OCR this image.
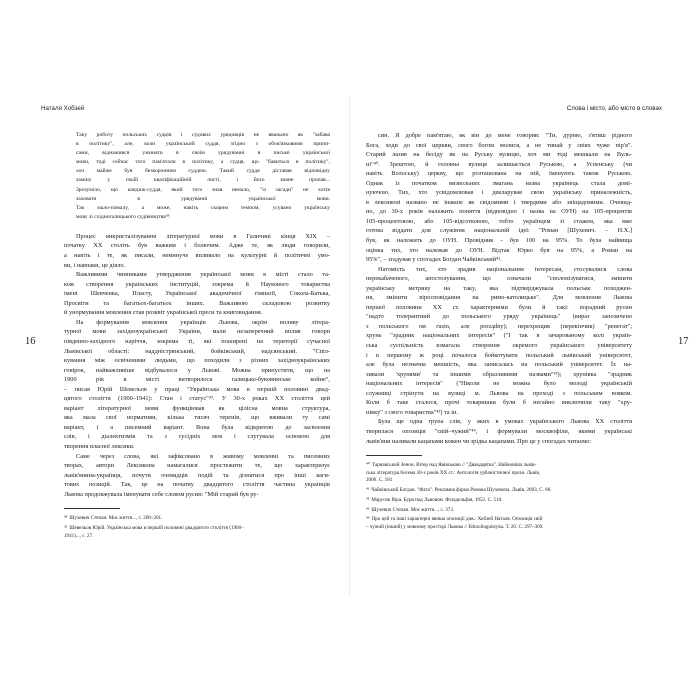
Наталя Хобзей
Таку роботу польських судців і судових урядовців не вважано як "забава
в політику", але, коли український суддя, згідно з обов'язковими припи-
сами, віднажився ужинати в своїм урядуванні в письмі української
мови, тоді сейчас того пам'ятали в політику, а судця, що "бавиться в політику",
хоч майже був безкоронним суддею. Такий суддя діставав відповідну
заміну у свойї кваліфікаційній листі, і його знане пропав...
Зрозуміло, що кандиж-суддя, який того знав немало, "із засади" не хотів
заховати в урядуванні української мови.
Так мало-помалу, а може, навіть скорим темпом, усувано українську
мову зі східногалицького судівництва³⁸.
Процес викристалізування літературної мови в Галичині кінця ХІХ –
початку ХХ століть був важким і болючим. Адже те, як люди говорили,
а навіть і те, як писали, неминуче впливало на культурні й політичні умо-
ви, і навпаки, це діяло.
Важливими чинниками утвердження української мови в місті стало та-
кож створення українських інституцій, зокрема й Наукового товариства
імені Шевченка, Пласту, Української академічної гімназії, Сокола-Батька,
Просвіти та багатьох-багатьох інших. Важливою складовою розвитку
й унормування мовлення став розквіт української преси та книговидання.
На формування мовлення українців Львова, окрім впливу літера-
турної мови західноукраїнської України, мали незаперечний вплив говори
південно-західного наріччя, зокрема ті, які поширені на території сучасної
Львівської області: наддністрянський, бойківський, надсянський. "Спіл-
кування між освіченими людьми, що походили з різних західноукраїнських
говірок, найважливіше відбувалося у Львові. Можна припустити, що на
1900 рік в місті витворилося галицько-буковинське койне",
– писав Юрій Шевельов у праці "Українська мова в першій половині двад-
цятого століття (1900–1941): Стан і статус"³⁹. У 30-х роках ХХ століття цей
варіант літературної мови функціював як цілісна мовна структура,
яка мала свої нормативи, кілька тисяч теренів, що вживали ту самі
варіант, і а писемний варіант. Вона була відкритою до засвоєння
слів, і діалектизмів та з сусідніх мов і слугувала основою для
творення власної лексики.
Саме через слова, які зафіксовано в живому мовленні та писемних
творах, автори Лексикона намагалися простежити те, що характеризує
львів'янина-українця, почути очевидців подій та дізнатися про інші ваги-
тових позицій. Так, це на початку двадцятого століття частина українців
Львова продовжувала іменувати себе словом русин: "Мій старий був ру-
³⁸ Шухевич Степан. Моє життя..., с. 200–201.
³⁹ Шевельов Юрій. Українська мова в першій половині двадцятого століття (1900–
1941)..., с. 27.
16
Слова і місто, або місто в словах
син. Я добре пам'ятаю, як він до мене говорив: "Ти, дурню, з'ятиш рідного
Бога, ходи до свої церкви, свого богом молися, а не тинай у свіях чуже пір'я".
Старий лазив на бесіду як на Руську вулицю, хоч ми тоді мешкали на Вуль-
ні"⁴⁰. Зрештою, й головна вулиця залишається Руською, а Успенську (чи
навіть Волоську) церкву, що розташована на ній, іменують також Руською.
Однак із початком визвольних змагань назва українець стала домі-
нуючою. Тих, хто усвідомлював і декларував свою українську приналежність,
в лексиконі названо не інакше як свідомими і твердими або звіщадомими. Очевид-
но, до 30-х років належить поняття (відповідно і назва на ОУН) на 105-процентів
105-процентовою, або 105-відсотковою, тобто українцем зі стажем, яка вже
готова віддати для служіння національній ідеї: "Роман [Шухевич. – Н.Х.]
був, як належить до ОУН. Провідник - був 100 на 95%. То була найвища
оцінка тих, хто належав до ОУН. Відтак Юрко був на 95%, а Роман на
95%", – згадував у спогадах Богдан Чайківський⁴¹.
Натомість тих, хто зрадив національним інтересам, стосувалися слова
перекабаченого, апостолування, що означали "сполонізуватися, змінити
українську метрику на таку, яка підтверджувала польське походжен-
ня, змінити віросповідання на римо-католицьке". Для мовлення Львова
першої половини ХХ ст. характерними були й такі: порадний русин
"надто толерантний до польського уряду українець" (вираз запозичено
з польського ом rusin, але porządny); перехрещик (перекінчик) "ренегат";
хрунь "зрадник національних інтересів" ("І так в зачарованому колі україн-
ська суспільність взмагала створення окремого українського університету
і в першому ж році почалося бойкотувати польський львівський університет,
але була незначна меншість, яка записалась на польський університет. Їх на-
зивали 'хрунями' та іншими образливими назвами"⁴²); хрунівка "зрадник
національних інтересів" ("Ніколи не можна було молоді українській
служниці стрінути на вулиці м. Львова на проході з польським вояком.
Коли б таке сталося, прочі товаришки були б негайно виключили таку "хру-
нівку" з свого товариства"⁴³) та ін.
Була ще одна група слів, у яких в умовах українського Львова ХХ століття
творилася опозиція "свій–чужий"⁴⁴, і формували москвофіли, якими українські
львів'яни називали кацапами кожен чи зрідка кацапами. Про це у спогадах читаємо:
⁴⁰ Тарнавський Зенон. Вітер над Явівською // "Двандцятка". Найновіша львів-
ська література богема 30-х років ХХ ст.: Антологія урбаністичної прози. Львів,
2006. С. 181
⁴¹ Чайківський Богдан. "Фата". Рекламна фірма Романа Шухевича. Львів, 2003, С. 86.
⁴² Марусяк Віра. Буря над Львовом. Філадельфія, 1952. С. 510.
⁴³ Шухевич Степан. Моє життя..., с. 373.
⁴⁴ Про цей та інші характерні явиша опозиції див.: Хобзей Наталя. Опозиція свій
– чужий (інший) у мовному просторі Львова // Ethnolinguistyka. Т. 20. С. 297–309.
17
